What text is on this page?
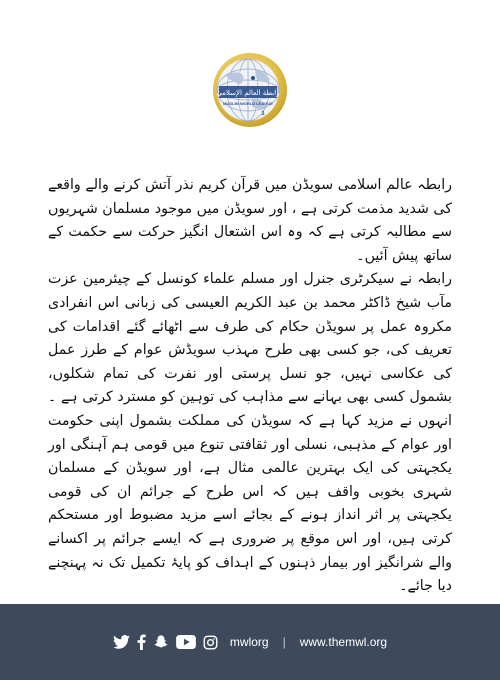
رابطة العالم الإسلامي
MUSLIM WORLD LEAGUE
1

رابطہ عالم اسلامی سویڈن میں قرآن کریم نذر آتش کرنے والے واقعے کی شدید مذمت کرتی ہے ، اور سویڈن میں موجود مسلمان شہریوں سے مطالبہ کرتی ہے کہ وہ اس اشتعال انگیز حرکت سے حکمت کے ساتھ پیش آئیں۔

رابطہ نے سیکرٹری جنرل اور مسلم علماء کونسل کے چیئرمین عزت مآب شیخ ڈاکٹر محمد بن عبد الکریم العیسی کی زبانی اس انفرادی مکروہ عمل پر سویڈن حکام کی طرف سے اٹھائے گئے اقدامات کی تعریف کی، جو کسی بھی طرح مہذب سویڈش عوام کے طرز عمل کی عکاسی نہیں، جو نسل پرستی اور نفرت کی تمام شکلوں، بشمول کسی بھی بہانے سے مذاہب کی توہین کو مسترد کرتی ہے ۔انہوں نے مزید کہا ہے کہ سویڈن کی مملکت بشمول اپنی حکومت اور عوام کے مذہبی، نسلی اور ثقافتی تنوع میں قومی ہم آہنگی اور یکجہتی کی ایک بہترین عالمی مثال ہے، اور سویڈن کے مسلمان شہری بخوبی واقف ہیں کہ اس طرح کے جرائم ان کی قومی یکجہتی پر اثر انداز ہونے کے بجائے اسے مزید مضبوط اور مستحکم کرتی ہیں، اور اس موقع پر ضروری ہے کہ ایسے جرائم پر اکسانے والے شرانگیز اور بیمار ذہنوں کے اہداف کو پایۂ تکمیل تک نہ پہنچنے دیا جائے۔

mwlorg | www.themwl.org
